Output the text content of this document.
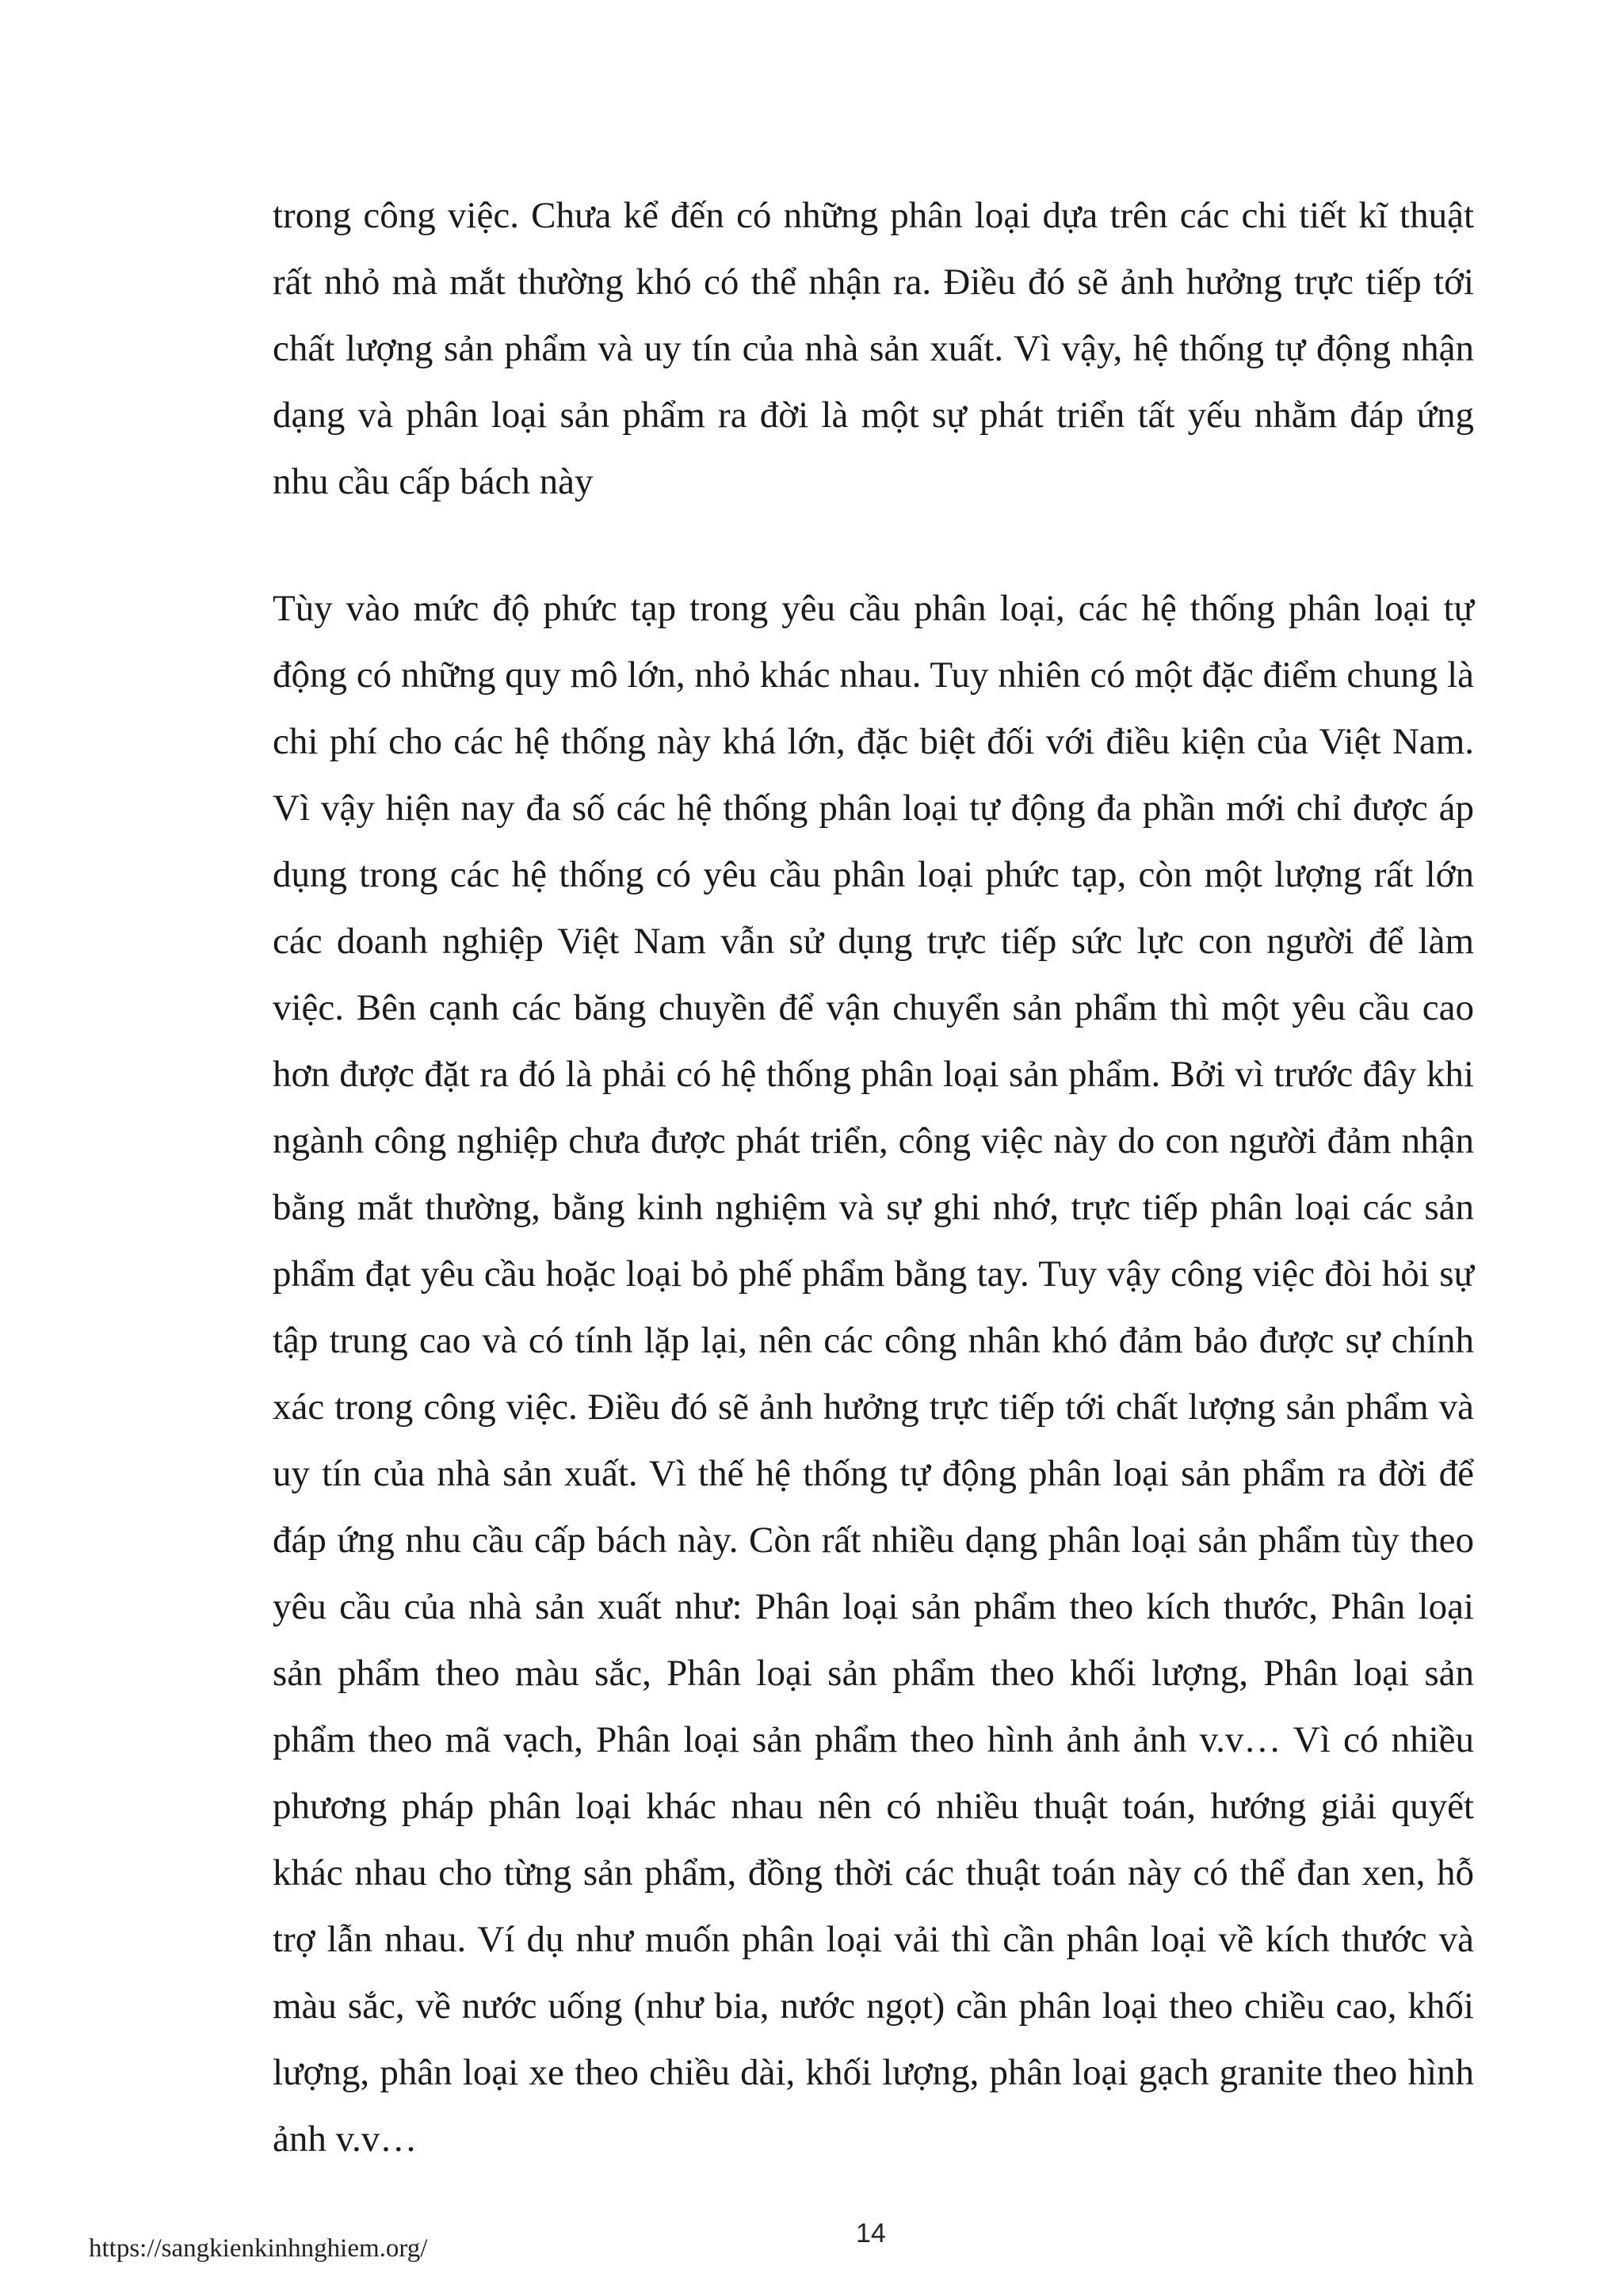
trong công việc. Chưa kể đến có những phân loại dựa trên các chi tiết kĩ thuật rất nhỏ mà mắt thường khó có thể nhận ra. Điều đó sẽ ảnh hưởng trực tiếp tới chất lượng sản phẩm và uy tín của nhà sản xuất. Vì vậy, hệ thống tự động nhận dạng và phân loại sản phẩm ra đời là một sự phát triển tất yếu nhằm đáp ứng nhu cầu cấp bách này

Tùy vào mức độ phức tạp trong yêu cầu phân loại, các hệ thống phân loại tự động có những quy mô lớn, nhỏ khác nhau. Tuy nhiên có một đặc điểm chung là chi phí cho các hệ thống này khá lớn, đặc biệt đối với điều kiện của Việt Nam. Vì vậy hiện nay đa số các hệ thống phân loại tự động đa phần mới chỉ được áp dụng trong các hệ thống có yêu cầu phân loại phức tạp, còn một lượng rất lớn các doanh nghiệp Việt Nam vẫn sử dụng trực tiếp sức lực con người để làm việc. Bên cạnh các băng chuyền để vận chuyển sản phẩm thì một yêu cầu cao hơn được đặt ra đó là phải có hệ thống phân loại sản phẩm. Bởi vì trước đây khi ngành công nghiệp chưa được phát triển, công việc này do con người đảm nhận bằng mắt thường, bằng kinh nghiệm và sự ghi nhớ, trực tiếp phân loại các sản phẩm đạt yêu cầu hoặc loại bỏ phế phẩm bằng tay. Tuy vậy công việc đòi hỏi sự tập trung cao và có tính lặp lại, nên các công nhân khó đảm bảo được sự chính xác trong công việc. Điều đó sẽ ảnh hưởng trực tiếp tới chất lượng sản phẩm và uy tín của nhà sản xuất. Vì thế hệ thống tự động phân loại sản phẩm ra đời để đáp ứng nhu cầu cấp bách này. Còn rất nhiều dạng phân loại sản phẩm tùy theo yêu cầu của nhà sản xuất như: Phân loại sản phẩm theo kích thước, Phân loại sản phẩm theo màu sắc, Phân loại sản phẩm theo khối lượng, Phân loại sản phẩm theo mã vạch, Phân loại sản phẩm theo hình ảnh ảnh v.v… Vì có nhiều phương pháp phân loại khác nhau nên có nhiều thuật toán, hướng giải quyết khác nhau cho từng sản phẩm, đồng thời các thuật toán này có thể đan xen, hỗ trợ lẫn nhau. Ví dụ như muốn phân loại vải thì cần phân loại về kích thước và màu sắc, về nước uống (như bia, nước ngọt) cần phân loại theo chiều cao, khối lượng, phân loại xe theo chiều dài, khối lượng, phân loại gạch granite theo hình ảnh v.v…

https://sangkienkinhnghiem.org/	14
